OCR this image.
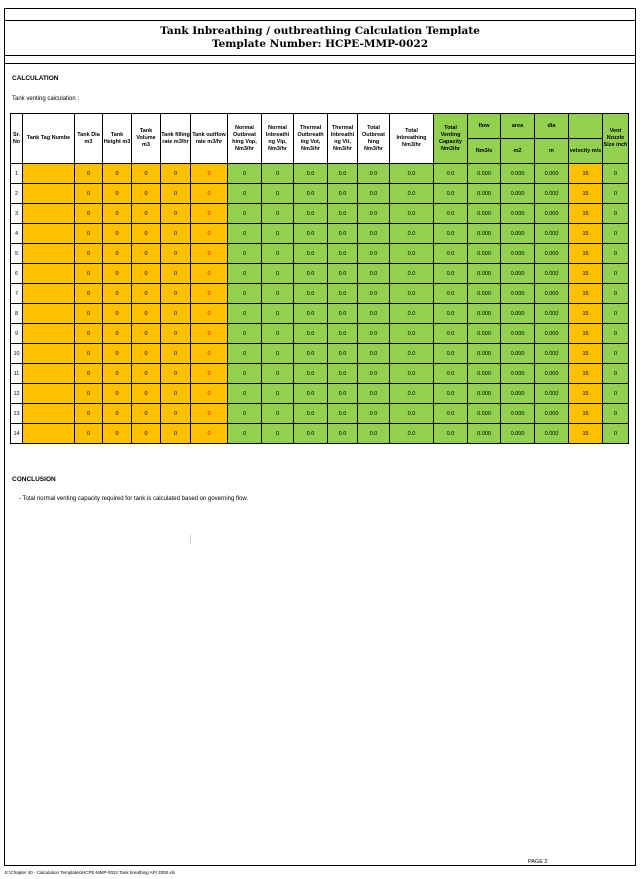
Tank Inbreathing / outbreathing Calculation Template
Template Number: HCPE-MMP-0022
CALCULATION
Tank venting calculation :
Sr. No	Tank Tag Numbe	Tank Dia m3	Tank Height m3	Tank Volume m3	Tank filling rate m3/hr	Tank outflow rate m3/hr	Normal Outbreat hing Vop, Nm3/hr	Normal Inbreathi ng Vip, Nm3/hr	Thermal Outbreath ing Vot, Nm3/hr	Thermal Inbreathi ng Vit, Nm3/hr	Total Outbreat hing Nm3/hr	Total Inbreathing Nm3/hr	Total Venting Capacity Nm3/hr	flow	area	dia		Vent Nozzle Size inch
														Nm3/s	m2	m	velocity m/s	
1		0	0	0	0	0	0	0	0.0	0.0	0.0	0.0	0.0	0.000	0.000	0.000	15	0
2		0	0	0	0	0	0	0	0.0	0.0	0.0	0.0	0.0	0.000	0.000	0.000	15	0
3		0	0	0	0	0	0	0	0.0	0.0	0.0	0.0	0.0	0.000	0.000	0.000	15	0
4		0	0	0	0	0	0	0	0.0	0.0	0.0	0.0	0.0	0.000	0.000	0.000	15	0
5		0	0	0	0	0	0	0	0.0	0.0	0.0	0.0	0.0	0.000	0.000	0.000	15	0
6		0	0	0	0	0	0	0	0.0	0.0	0.0	0.0	0.0	0.000	0.000	0.000	15	0
7		0	0	0	0	0	0	0	0.0	0.0	0.0	0.0	0.0	0.000	0.000	0.000	15	0
8		0	0	0	0	0	0	0	0.0	0.0	0.0	0.0	0.0	0.000	0.000	0.000	15	0
9		0	0	0	0	0	0	0	0.0	0.0	0.0	0.0	0.0	0.000	0.000	0.000	15	0
10		0	0	0	0	0	0	0	0.0	0.0	0.0	0.0	0.0	0.000	0.000	0.000	15	0
11		0	0	0	0	0	0	0	0.0	0.0	0.0	0.0	0.0	0.000	0.000	0.000	15	0
12		0	0	0	0	0	0	0	0.0	0.0	0.0	0.0	0.0	0.000	0.000	0.000	15	0
13		0	0	0	0	0	0	0	0.0	0.0	0.0	0.0	0.0	0.000	0.000	0.000	15	0
14		0	0	0	0	0	0	0	0.0	0.0	0.0	0.0	0.0	0.000	0.000	0.000	15	0
CONCLUSION
- Total normal venting capacity required for tank is calculated based on governing flow.
PAGE 2
E:\Chapter 40 - Calculation Templates\HCPE-MMP-0022 Tank breathing API 2000.xls
